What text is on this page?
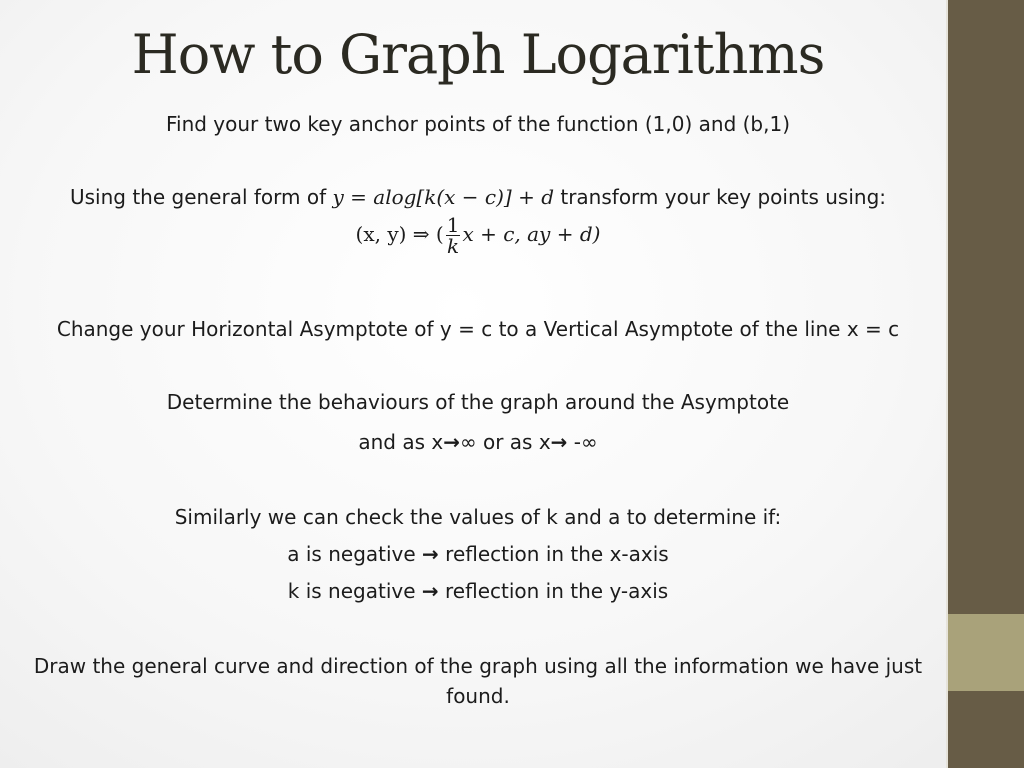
How to Graph Logarithms
Find your two key anchor points of the function (1,0) and (b,1)
Using the general form of y = alog[k(x − c)] + d transform your key points using:
(x, y) ⇒ ( $\frac{1}{k}$ x + c, ay + d)
Change your Horizontal Asymptote of y = c to a Vertical Asymptote of the line x = c
Determine the behaviours of the graph around the Asymptote
and as x→∞ or as x→ -∞
Similarly we can check the values of k and a to determine if:
a is negative → reflection in the x-axis
k is negative → reflection in the y-axis
Draw the general curve and direction of the graph using all the information we have just found.
